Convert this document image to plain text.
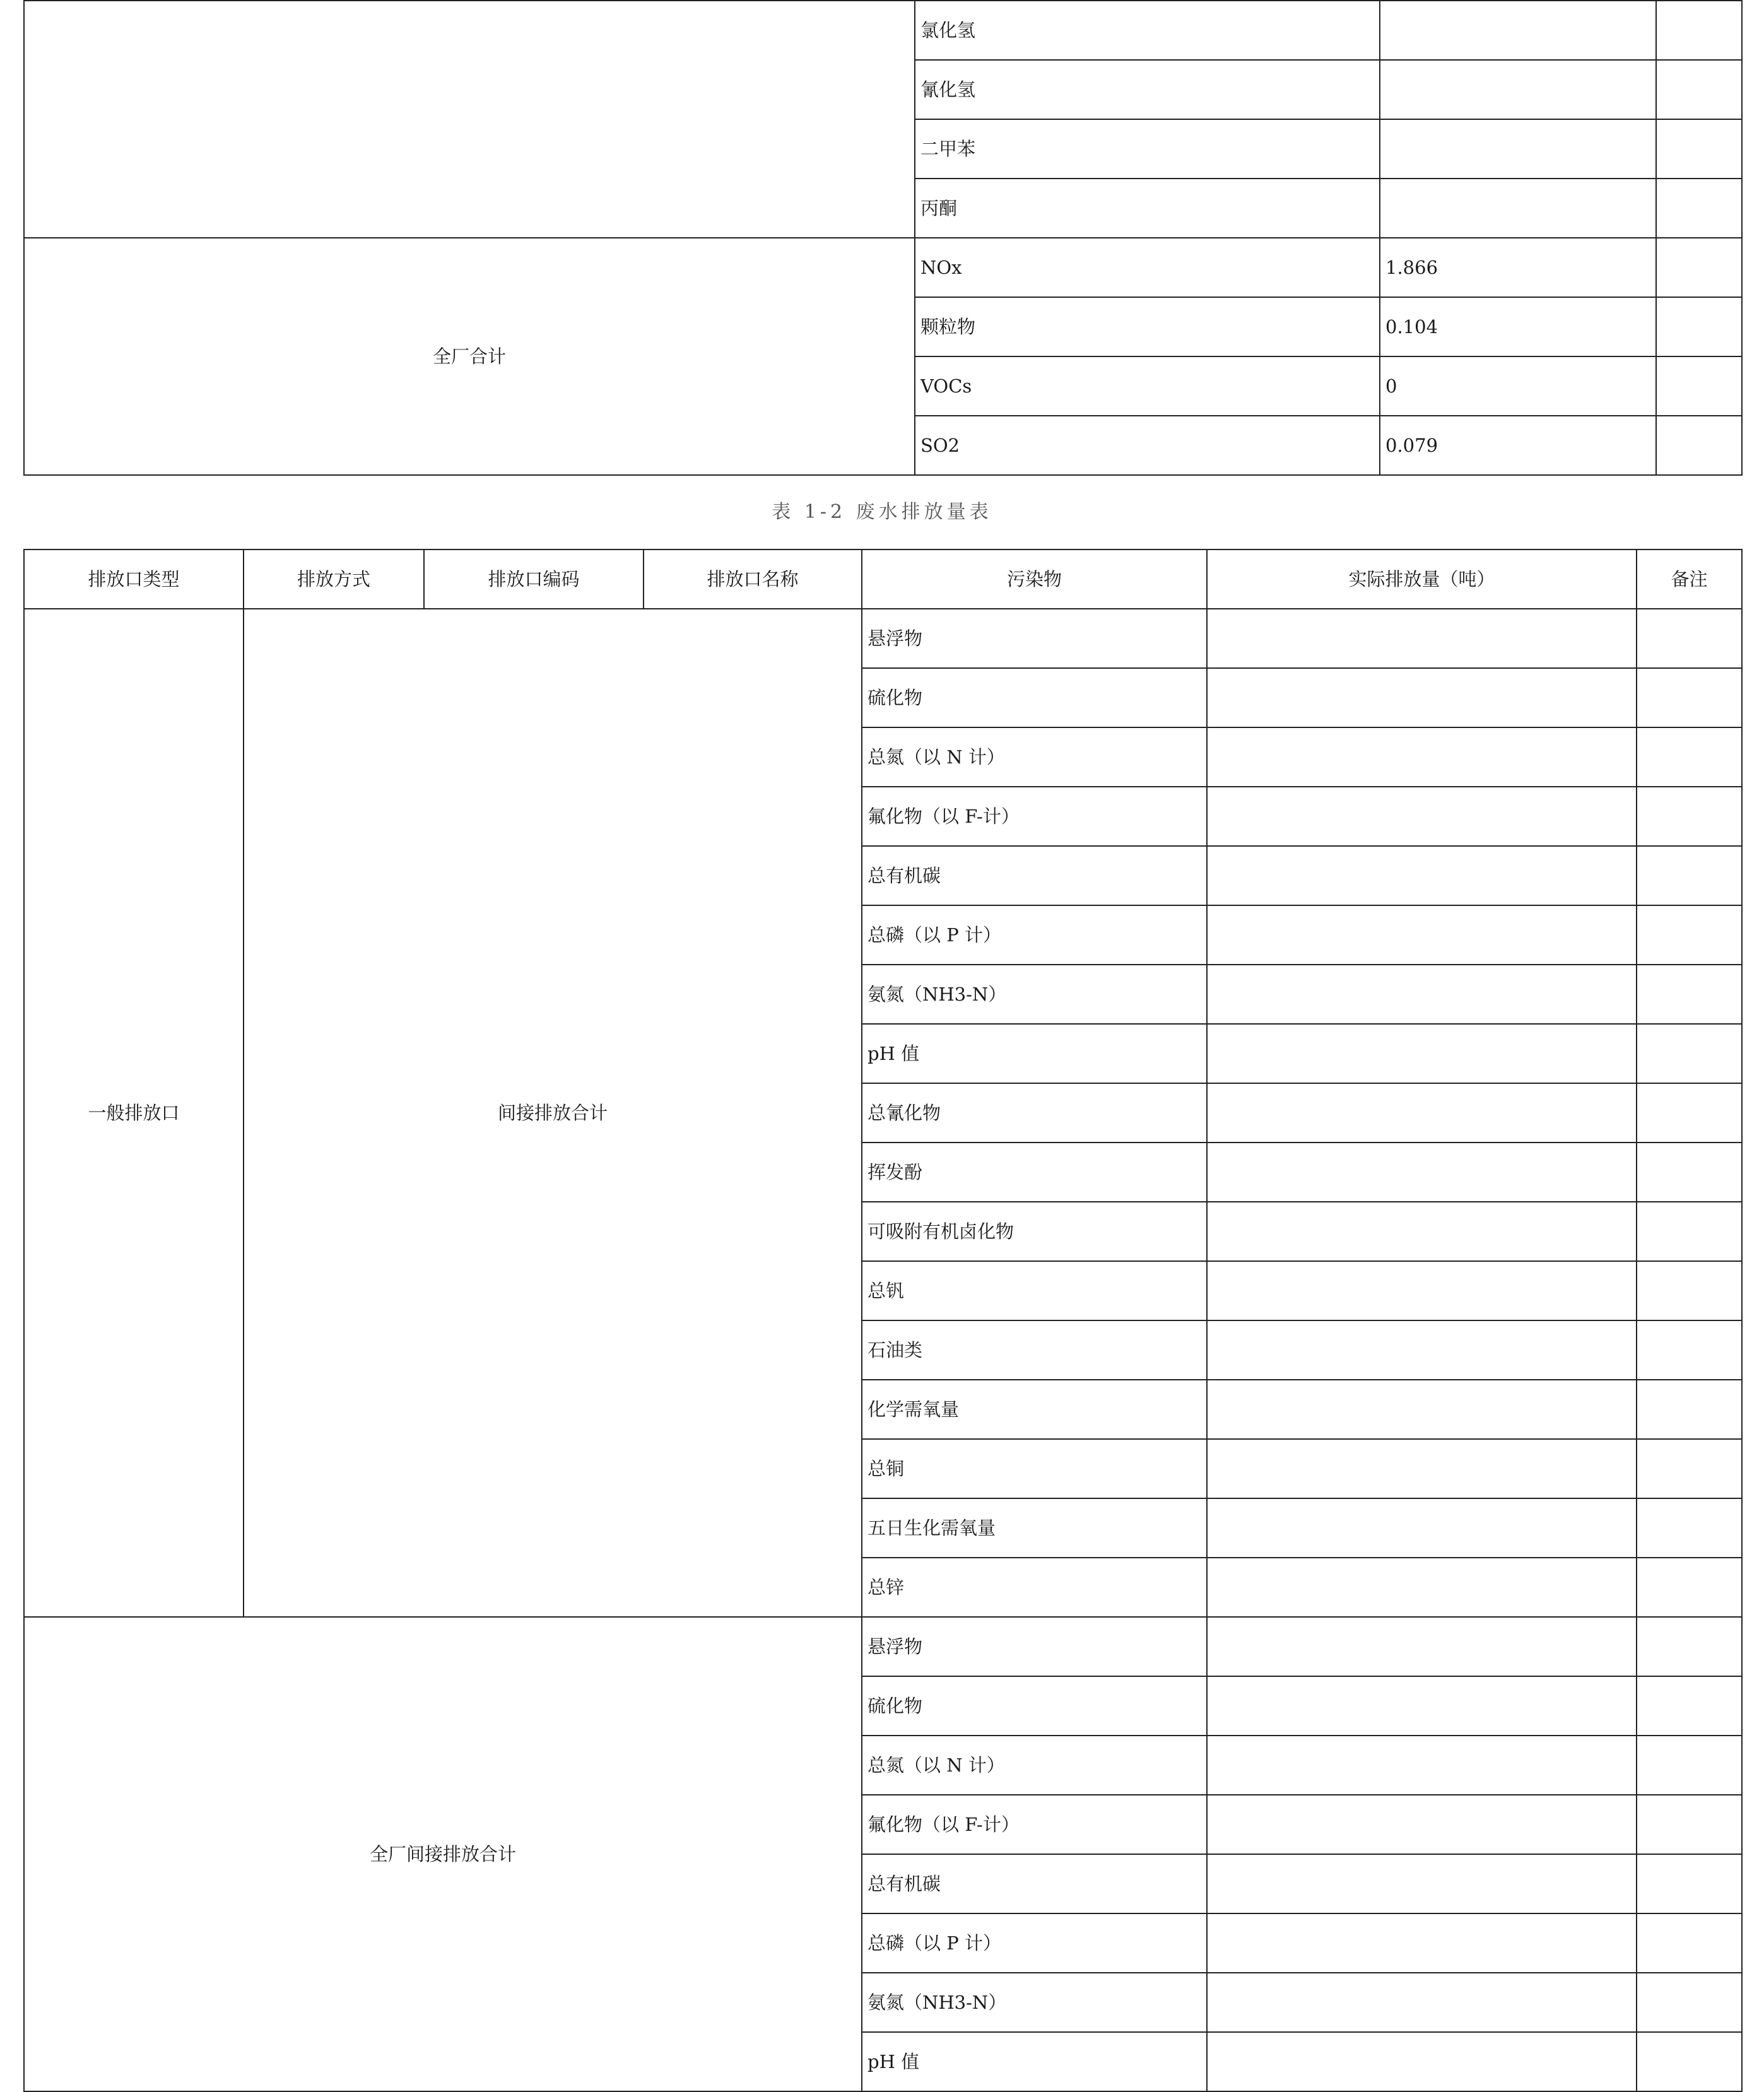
	氯化氢		
	氰化氢		
	二甲苯		
	丙酮		
全厂合计	NOx	1.866	
	颗粒物	0.104	
	VOCs	0	
	SO2	0.079	
表 1-2 废水排放量表
排放口类型	排放方式	排放口编码	排放口名称	污染物	实际排放量（吨）	备注
一般排放口	间接排放合计			悬浮物		
				硫化物		
				总氮（以 N 计）		
				氟化物（以 F-计）		
				总有机碳		
				总磷（以 P 计）		
				氨氮（NH3-N）		
				pH 值		
				总氰化物		
				挥发酚		
				可吸附有机卤化物		
				总钒		
				石油类		
				化学需氧量		
				总铜		
				五日生化需氧量		
				总锌		
全厂间接排放合计				悬浮物		
				硫化物		
				总氮（以 N 计）		
				氟化物（以 F-计）		
				总有机碳		
				总磷（以 P 计）		
				氨氮（NH3-N）		
				pH 值		
